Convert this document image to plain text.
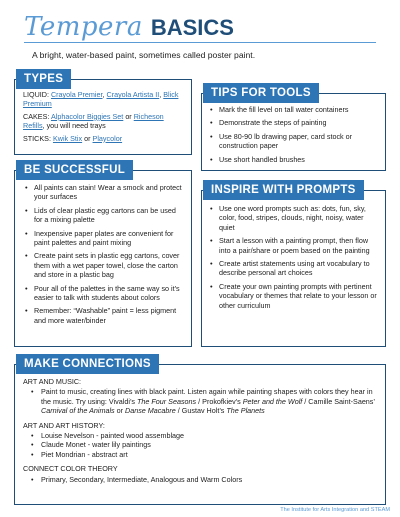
Tempera BASICS
A bright, water-based paint, sometimes called poster paint.
TYPES
LIQUID: Crayola Premier, Crayola Artista II, Blick Premium
CAKES: Alphacolor Biggies Set or Richeson Refills, you will need trays
STICKS: Kwik Stix or Playcolor
TIPS FOR TOOLS
• Mark the fill level on tall water containers
• Demonstrate the steps of painting
• Use 80-90 lb drawing paper, card stock or construction paper
• Use short handled brushes
BE SUCCESSFUL
• All paints can stain! Wear a smock and protect your surfaces
• Lids of clear plastic egg cartons can be used for a mixing palette
• Inexpensive paper plates are convenient for paint palettes and paint mixing
• Create paint sets in plastic egg cartons, cover them with a wet paper towel, close the carton and store in a plastic bag
• Pour all of the palettes in the same way so it's easier to talk with students about colors
• Remember: “Washable” paint = less pigment and more water/binder
INSPIRE WITH PROMPTS
• Use one word prompts such as: dots, fun, sky, color, food, stripes, clouds, night, noisy, water quiet
• Start a lesson with a painting prompt, then flow into a pair/share or poem based on the painting
• Create artist statements using art vocabulary to describe personal art choices
• Create your own painting prompts with pertinent vocabulary or themes that relate to your lesson or other curriculum
MAKE CONNECTIONS
ART AND MUSIC:
• Paint to music, creating lines with black paint. Listen again while painting shapes with colors they hear in the music. Try using: Vivaldi’s The Four Seasons / Prokofkiev’s Peter and the Wolf / Camille Saint-Saens’ Carnival of the Animals or Danse Macabre / Gustav Holt’s The Planets
ART AND ART HISTORY:
• Louise Nevelson - painted wood assemblage
• Claude Monet - water lily paintings
• Piet Mondrian - abstract art
CONNECT COLOR THEORY
• Primary, Secondary, Intermediate, Analogous and Warm Colors
The Institute for Arts Integration and STEAM
